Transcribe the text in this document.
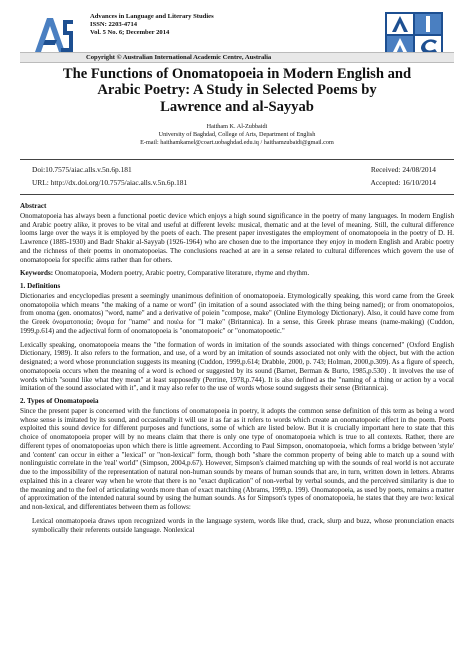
Advances in Language and Literary Studies
ISSN: 2203-4714
Vol. 5 No. 6; December 2014
Copyright © Australian International Academic Centre, Australia
The Functions of Onomatopoeia in Modern English and
Arabic Poetry: A Study in Selected Poems by
Lawrence and al-Sayyab
Haitham K. Al-Zubbaidi
University of Baghdad, College of Arts, Department of English
E-mail: haithamkamel@coart.uobaghdad.edu.iq / haithamzubaidi@gmail.com
Doi:10.7575/aiac.alls.v.5n.6p.181	Received: 24/08/2014
URL: http://dx.doi.org/10.7575/aiac.alls.v.5n.6p.181	Accepted: 16/10/2014

Abstract

Onomatopoeia has always been a functional poetic device which enjoys a high sound significance in the poetry of many languages. In modern English and Arabic poetry alike, it proves to be vital and useful at different levels: musical, thematic and at the level of meaning. Still, the cultural difference looms large over the ways it is employed by the poets of each. The present paper investigates the employment of onomatopoeia in the poetry of D. H. Lawrence (1885-1930) and Badr Shakir al-Sayyab (1926-1964) who are chosen due to the importance they enjoy in modern English and Arabic poetry and the richness of their poems in onomatopoeias. The conclusions reached at are in a sense related to cultural differences which govern the use of onomatopoeia for specific aims rather than for others.

Keywords: Onomatopoeia, Modern poetry, Arabic poetry, Comparative literature, rhyme and rhythm.

1. Definitions

Dictionaries and encyclopedias present a seemingly unanimous definition of onomatopoeia. Etymologically speaking, this word came from the Greek onomatopoiia which means "the making of a name or word" (in imitation of a sound associated with the thing being named); or from onomatopoios, from onoma (gen. onomatos) "word, name" and a derivative of poiein "compose, make" (Online Etymology Dictionary). Also, it could have come from the Greek ὀνοματοποιία; ὄνομα for "name" and ποιέω for "I make" (Britannica). In a sense, this Greek phrase means (name-making) (Cuddon, 1999,p.614) and the adjectival form of onomatopoeia is "onomatopoeic" or "onomatopoetic."

Lexically speaking, onomatopoeia means the "the formation of words in imitation of the sounds associated with things concerned" (Oxford English Dictionary, 1989). It also refers to the formation, and use, of a word by an imitation of sounds associated not only with the object, but with the action designated; a word whose pronunciation suggests its meaning (Cuddon, 1999,p.614; Drabble, 2000, p. 743; Holman, 2000,p.309). As a figure of speech, onomatopoeia occurs when the meaning of a word is echoed or suggested by its sound (Barnet, Berman & Burto, 1985,p.530) . It involves the use of words which "sound like what they mean" at least supposedly (Perrine, 1978,p.744). It is also defined as the "naming of a thing or action by a vocal imitation of the sound associated with it", and it may also refer to the use of words whose sound suggests their sense (Britannica).

2. Types of Onomatopoeia

Since the present paper is concerned with the functions of onomatopoeia in poetry, it adopts the common sense definition of this term as being a word whose sense is imitated by its sound, and occasionally it will use it as far as it refers to words which create an onomatopoeic effect in the poem. Poets exploited this sound device for different purposes and functions, some of which are listed below. But it is crucially important here to state that this choice of onomatopoeia proper will by no means claim that there is only one type of onomatopoeia which is true to all contexts. Rather, there are different types of onomatopoeias upon which there is little agreement. According to Paul Simpson, onomatopoeia, which forms a bridge between 'style' and 'content' can occur in either a "lexical" or "non-lexical" form, though both "share the common property of being able to match up a sound with nonlinguistic correlate in the 'real' world" (Simpson, 2004,p.67). However, Simpson's claimed matching up with the sounds of real world is not accurate due to the impossibility of the representation of natural non-human sounds by means of human sounds that are, in turn, written down in letters. Abrams explained this in a clearer way when he wrote that there is no "exact duplication" of non-verbal by verbal sounds, and the perceived similarity is due to the meaning and to the feel of articulating words more than of exact matching (Abrams, 1999,p. 199). Onomatopoeia, as used by poets, remains a matter of approximation of the intended natural sound by using the human sounds. As for Simpson's types of onomatopoeia, he states that they are two: lexical and non-lexical, and differentiates between them as follows:

Lexical onomatopoeia draws upon recognized words in the language system, words like thud, crack, slurp and buzz, whose pronunciation enacts symbolically their referents outside language. Nonlexical
